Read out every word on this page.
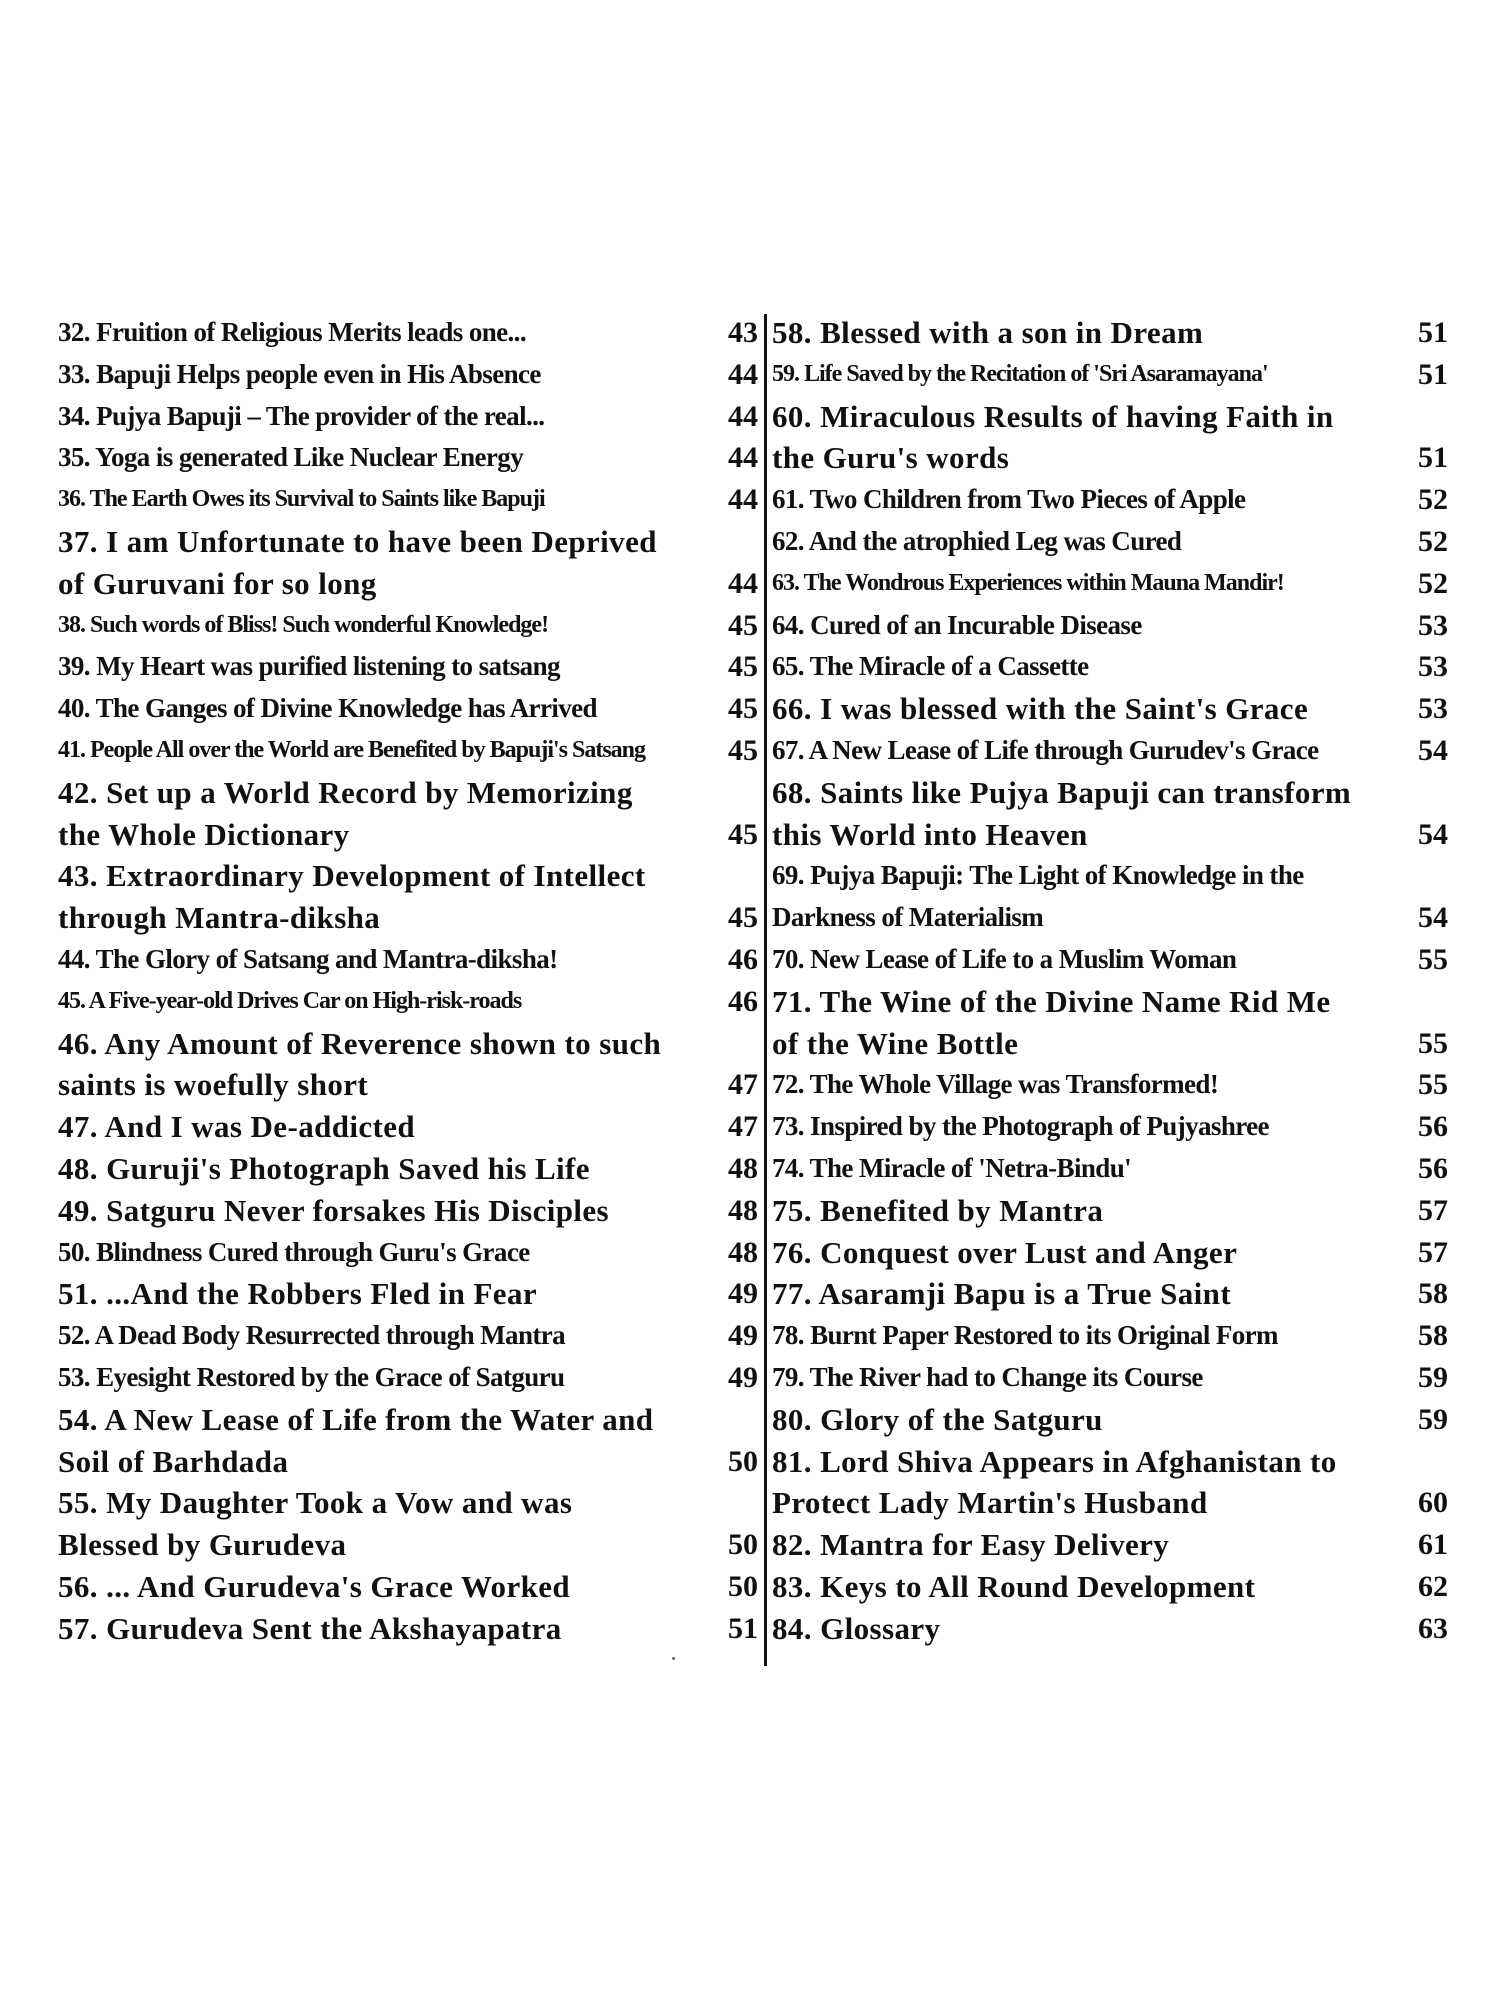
32. Fruition of Religious Merits leads one...	43
33. Bapuji Helps people even in His Absence	44
34. Pujya Bapuji – The provider of the real...	44
35. Yoga is generated Like Nuclear Energy	44
36. The Earth Owes its Survival to Saints like Bapuji	44
37. I am Unfortunate to have been Deprived
of Guruvani for so long	44
38. Such words of Bliss! Such wonderful Knowledge!	45
39. My Heart was purified listening to satsang	45
40. The Ganges of Divine Knowledge has Arrived	45
41. People All over the World are Benefited by Bapuji's Satsang	45
42. Set up a World Record by Memorizing
the Whole Dictionary	45
43. Extraordinary Development of Intellect
through Mantra-diksha	45
44. The Glory of Satsang and Mantra-diksha!	46
45. A Five-year-old Drives Car on High-risk-roads	46
46. Any Amount of Reverence shown to such
saints is woefully short	47
47. And I was De-addicted	47
48. Guruji's Photograph Saved his Life	48
49. Satguru Never forsakes His Disciples	48
50. Blindness Cured through Guru's Grace	48
51. ...And the Robbers Fled in Fear	49
52. A Dead Body Resurrected through Mantra	49
53. Eyesight Restored by the Grace of Satguru	49
54. A New Lease of Life from the Water and
Soil of Barhdada	50
55. My Daughter Took a Vow and was
Blessed by Gurudeva	50
56. ... And Gurudeva's Grace Worked	50
57. Gurudeva Sent the Akshayapatra	51
58. Blessed with a son in Dream	51
59. Life Saved by the Recitation of 'Sri Asaramayana'	51
60. Miraculous Results of having Faith in
the Guru's words	51
61. Two Children from Two Pieces of Apple	52
62. And the atrophied Leg was Cured	52
63. The Wondrous Experiences within Mauna Mandir!	52
64. Cured of an Incurable Disease	53
65. The Miracle of a Cassette	53
66. I was blessed with the Saint's Grace	53
67. A New Lease of Life through Gurudev's Grace	54
68. Saints like Pujya Bapuji can transform
this World into Heaven	54
69. Pujya Bapuji: The Light of Knowledge in the
Darkness of Materialism	54
70. New Lease of Life to a Muslim Woman	55
71. The Wine of the Divine Name Rid Me
of the Wine Bottle	55
72. The Whole Village was Transformed!	55
73. Inspired by the Photograph of Pujyashree	56
74. The Miracle of 'Netra-Bindu'	56
75. Benefited by Mantra	57
76. Conquest over Lust and Anger	57
77. Asaramji Bapu is a True Saint	58
78. Burnt Paper Restored to its Original Form	58
79. The River had to Change its Course	59
80. Glory of the Satguru	59
81. Lord Shiva Appears in Afghanistan to
Protect Lady Martin's Husband	60
82. Mantra for Easy Delivery	61
83. Keys to All Round Development	62
84. Glossary	63
